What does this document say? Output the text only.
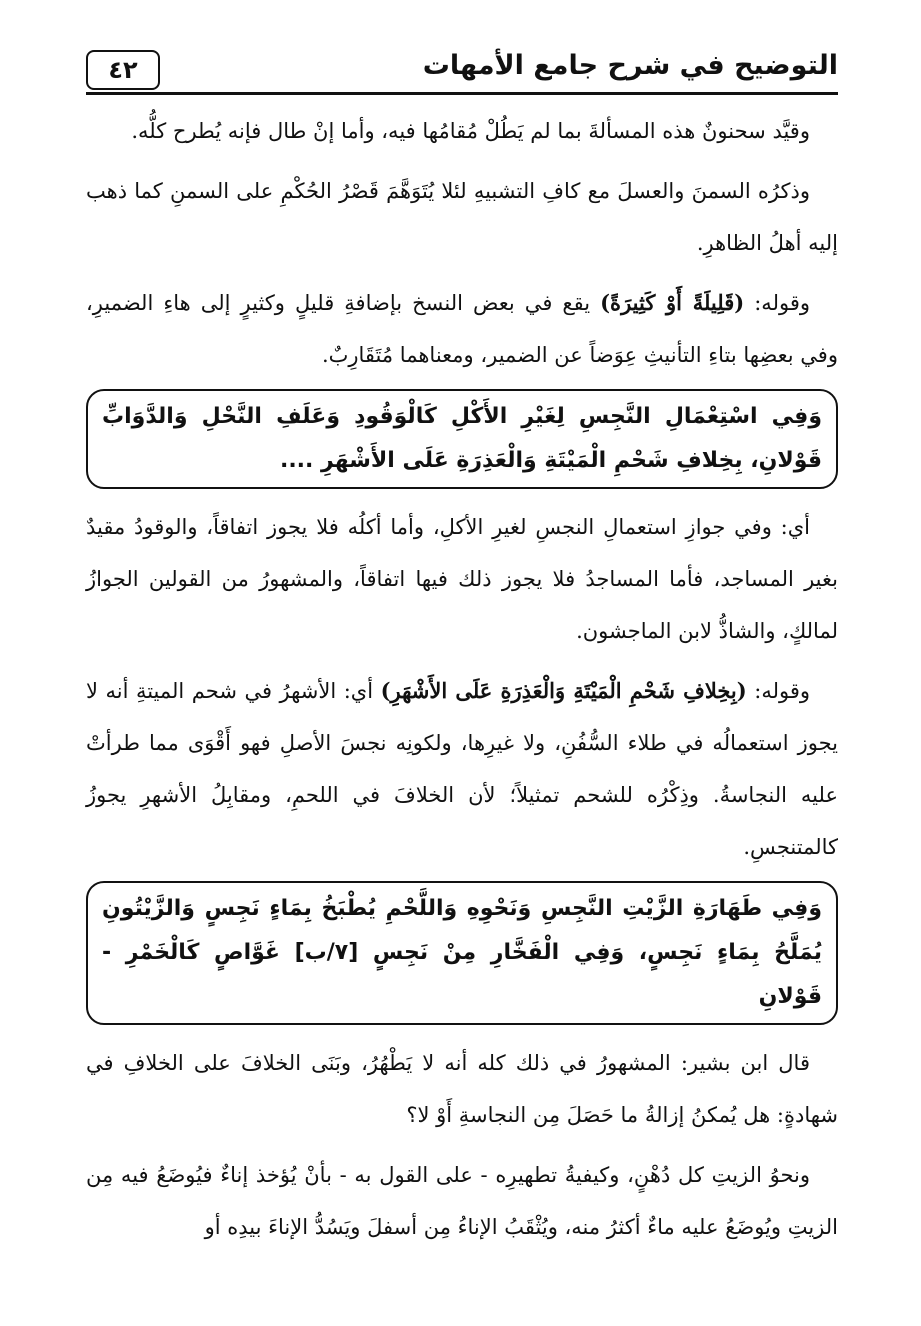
التوضيح في شرح جامع الأمهات
٤٢

وقيَّد سحنونٌ هذه المسألةَ بما لم يَطُلْ مُقامُها فيه، وأما إنْ طال فإنه يُطرح كلُّه.

وذكرُه السمنَ والعسلَ مع كافِ التشبيهِ لئلا يُتَوَهَّمَ قَصْرُ الحُكْمِ على السمنِ كما ذهب إليه أهلُ الظاهرِ.

وقوله: (قَلِيلَةً أَوْ كَثِيرَةً) يقع في بعض النسخ بإضافةِ قليلٍ وكثيرٍ إلى هاءِ الضميرِ، وفي بعضِها بتاءِ التأنيثِ عِوَضاً عن الضمير، ومعناهما مُتَقَارِبٌ.

وَفِي اسْتِعْمَالِ النَّجِسِ لِغَيْرِ الأَكْلِ كَالْوَقُودِ وَعَلَفِ النَّحْلِ وَالدَّوَابِّ قَوْلانِ، بِخِلافِ شَحْمِ الْمَيْتَةِ وَالْعَذِرَةِ عَلَى الأَشْهَرِ ....

أي: وفي جوازِ استعمالِ النجسِ لغيرِ الأكلِ، وأما أكلُه فلا يجوز اتفاقاً، والوقودُ مقيدٌ بغير المساجد، فأما المساجدُ فلا يجوز ذلك فيها اتفاقاً، والمشهورُ من القولين الجوازُ لمالكٍ، والشاذُّ لابن الماجشون.

وقوله: (بِخِلافِ شَحْمِ الْمَيْتَةِ وَالْعَذِرَةِ عَلَى الأَشْهَرِ) أي: الأشهرُ في شحم الميتةِ أنه لا يجوز استعمالُه في طلاء السُّفُنِ، ولا غيرِها، ولكونِه نجسَ الأصلِ فهو أَقْوَى مما طرأتْ عليه النجاسةُ. وذِكْرُه للشحم تمثيلاً؛ لأن الخلافَ في اللحمِ، ومقابِلُ الأشهرِ يجوزُ كالمتنجسِ.

وَفِي طَهَارَةِ الزَّيْتِ النَّجِسِ وَنَحْوِهِ وَاللَّحْمِ يُطْبَخُ بِمَاءٍ نَجِسٍ وَالزَّيْتُونِ يُمَلَّحُ بِمَاءٍ نَجِسٍ، وَفِي الْفَخَّارِ مِنْ نَجِسٍ [٧/ب] غَوَّاصٍ كَالْخَمْرِ - قَوْلانِ

قال ابن بشير: المشهورُ في ذلك كله أنه لا يَطْهُرُ، وبَنَى الخلافَ على الخلافِ في شهادةٍ: هل يُمكنُ إزالةُ ما حَصَلَ مِن النجاسةِ أَوْ لا؟

ونحوُ الزيتِ كل دُهْنٍ، وكيفيةُ تطهيرِه - على القول به - بأنْ يُؤخذ إناءٌ فيُوضَعُ فيه مِن الزيتِ ويُوضَعُ عليه ماءٌ أكثرُ منه، ويُثْقَبُ الإناءُ مِن أسفلَ ويَسُدُّ الإناءَ بيدِه أو
